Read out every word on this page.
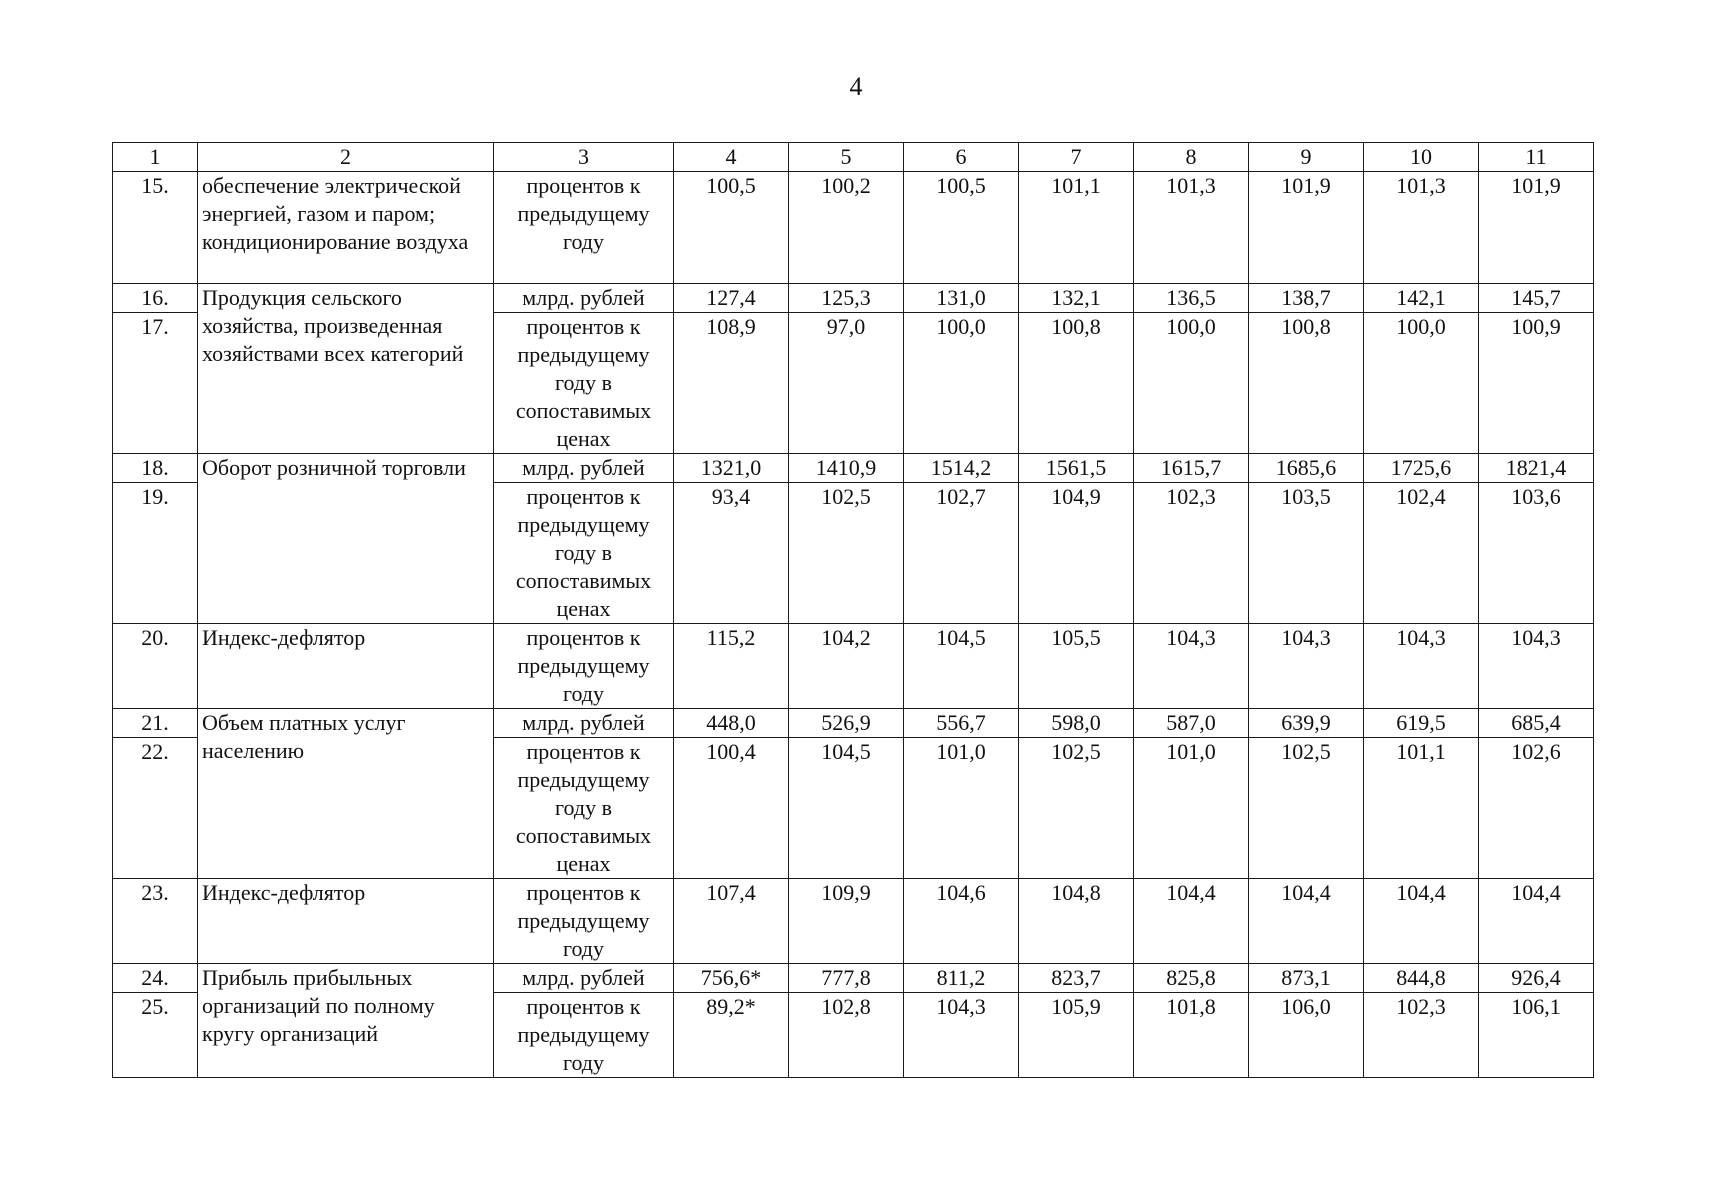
4
1	2	3	4	5	6	7	8	9	10	11
15.	обеспечение электрической энергией, газом и паром; кондиционирование воздуха	процентов к предыдущему году	100,5	100,2	100,5	101,1	101,3	101,9	101,3	101,9
16.	Продукция сельского хозяйства, произведенная хозяйствами всех категорий	млрд. рублей	127,4	125,3	131,0	132,1	136,5	138,7	142,1	145,7
17.		процентов к предыдущему году в сопоставимых ценах	108,9	97,0	100,0	100,8	100,0	100,8	100,0	100,9
18.	Оборот розничной торговли	млрд. рублей	1321,0	1410,9	1514,2	1561,5	1615,7	1685,6	1725,6	1821,4
19.		процентов к предыдущему году в сопоставимых ценах	93,4	102,5	102,7	104,9	102,3	103,5	102,4	103,6
20.	Индекс-дефлятор	процентов к предыдущему году	115,2	104,2	104,5	105,5	104,3	104,3	104,3	104,3
21.	Объем платных услуг населению	млрд. рублей	448,0	526,9	556,7	598,0	587,0	639,9	619,5	685,4
22.		процентов к предыдущему году в сопоставимых ценах	100,4	104,5	101,0	102,5	101,0	102,5	101,1	102,6
23.	Индекс-дефлятор	процентов к предыдущему году	107,4	109,9	104,6	104,8	104,4	104,4	104,4	104,4
24.	Прибыль прибыльных организаций по полному кругу организаций	млрд. рублей	756,6*	777,8	811,2	823,7	825,8	873,1	844,8	926,4
25.		процентов к предыдущему году	89,2*	102,8	104,3	105,9	101,8	106,0	102,3	106,1
